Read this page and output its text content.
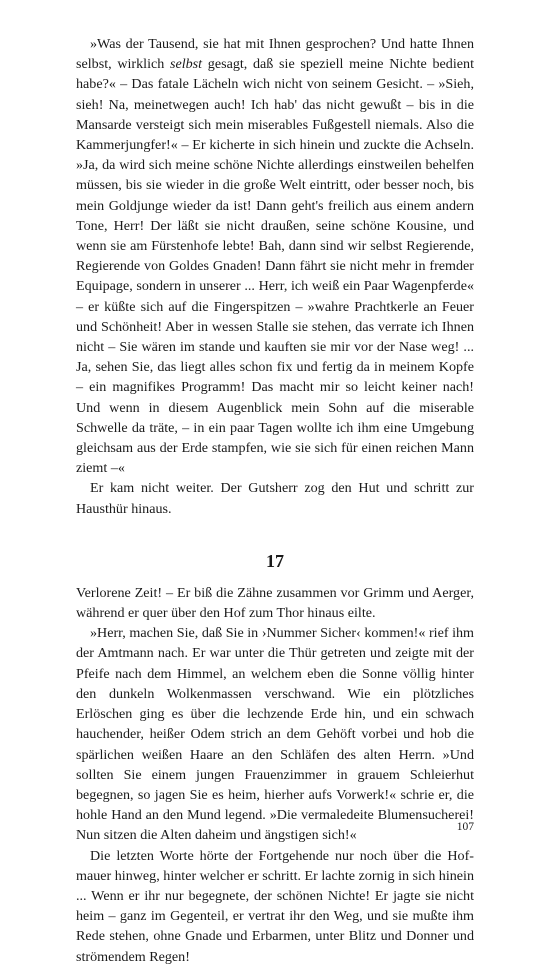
»Was der Tausend, sie hat mit Ihnen gesprochen? Und hatte Ihnen selbst, wirklich selbst gesagt, daß sie speziell meine Nichte bedient habe?« – Das fatale Lächeln wich nicht von seinem Gesicht. – »Sieh, sieh! Na, meinetwegen auch! Ich hab' das nicht gewußt – bis in die Mansarde versteigt sich mein miserables Fußgestell niemals. Also die Kammerjungfer!« – Er kicherte in sich hinein und zuckte die Achseln. »Ja, da wird sich meine schöne Nichte allerdings einstweilen behelfen müssen, bis sie wieder in die große Welt eintritt, oder besser noch, bis mein Goldjunge wieder da ist! Dann geht's freilich aus einem andern Tone, Herr! Der läßt sie nicht draußen, seine schöne Kousine, und wenn sie am Fürstenhofe lebte! Bah, dann sind wir selbst Regierende, Regierende von Goldes Gnaden! Dann fährt sie nicht mehr in fremder Equipage, sondern in unserer ... Herr, ich weiß ein Paar Wagenpferde« – er küßte sich auf die Fingerspitzen – »wahre Prachtkerle an Feuer und Schönheit! Aber in wessen Stalle sie stehen, das verrate ich Ihnen nicht – Sie wären im stande und kauften sie mir vor der Nase weg! ... Ja, sehen Sie, das liegt alles schon fix und fertig da in meinem Kopfe – ein magnifikes Programm! Das macht mir so leicht keiner nach! Und wenn in diesem Augenblick mein Sohn auf die miserable Schwelle da träte, – in ein paar Tagen wollte ich ihm eine Umgebung gleichsam aus der Erde stampfen, wie sie sich für einen reichen Mann ziemt –«

Er kam nicht weiter. Der Gutsherr zog den Hut und schritt zur Hausthür hinaus.

17

Verlorene Zeit! – Er biß die Zähne zusammen vor Grimm und Aerger, während er quer über den Hof zum Thor hinaus eilte.

»Herr, machen Sie, daß Sie in ›Nummer Sicher‹ kommen!« rief ihm der Amtmann nach. Er war unter die Thür getreten und zeigte mit der Pfeife nach dem Himmel, an welchem eben die Sonne völlig hinter den dunkeln Wolkenmassen verschwand. Wie ein plötzliches Erlöschen ging es über die lechzende Erde hin, und ein schwach hauchender, heißer Odem strich an dem Gehöft vorbei und hob die spärlichen weißen Haare an den Schläfen des alten Herrn. »Und sollten Sie einem jungen Frauenzimmer in grauem Schleierhut begegnen, so jagen Sie es heim, hierher aufs Vorwerk!« schrie er, die hohle Hand an den Mund legend. »Die vermaledeite Blumensucherei! Nun sitzen die Alten daheim und ängstigen sich!«

Die letzten Worte hörte der Fortgehende nur noch über die Hofmauer hinweg, hinter welcher er schritt. Er lachte zornig in sich hinein ... Wenn er ihr nur begegnete, der schönen Nichte! Er jagte sie nicht heim – ganz im Gegenteil, er vertrat ihr den Weg, und sie mußte ihm Rede stehen, ohne Gnade und Erbarmen, unter Blitz und Donner und strömendem Regen!

107
